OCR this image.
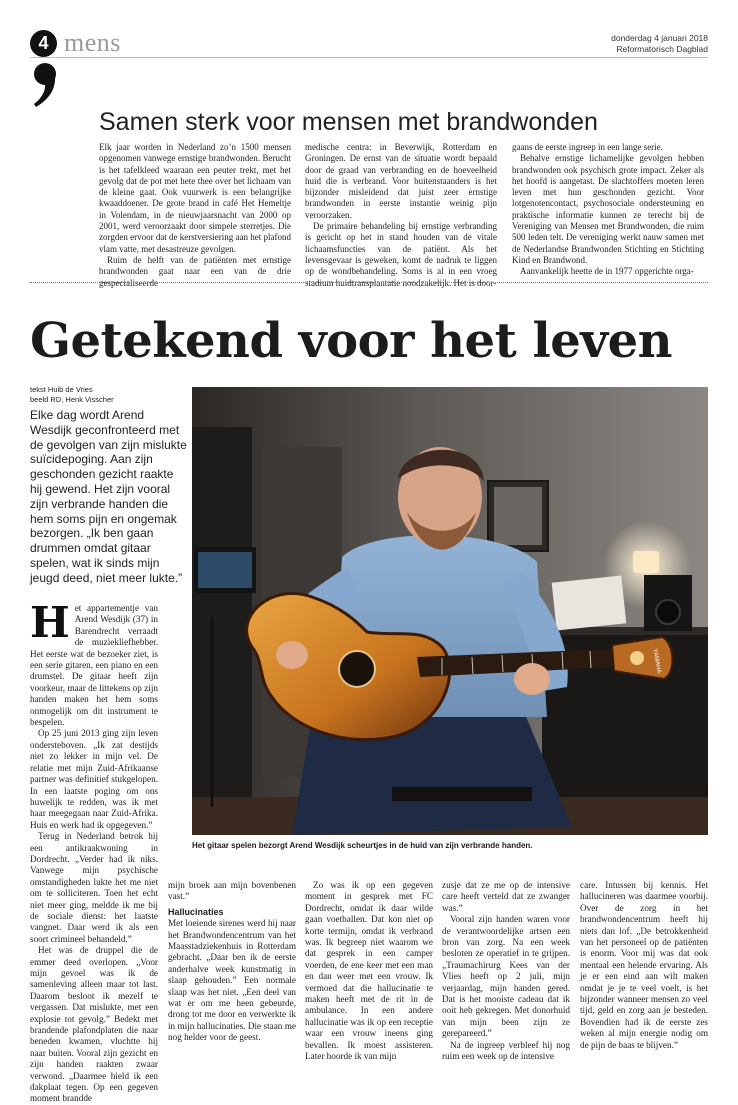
4 mens	donderdag 4 januari 2018
Reformatorisch Dagblad
Samen sterk voor mensen met brandwonden

Elk jaar worden in Nederland zo’n 1500 mensen opgenomen vanwege ernstige brandwonden. Berucht is het tafelkleed waaraan een peuter trekt, met het gevolg dat de pot met hete thee over het lichaam van de kleine gaat. Ook vuurwerk is een belangrijke kwaaddoener. De grote brand in café Het Hemeltje in Volendam, in de nieuwjaarsnacht van 2000 op 2001, werd veroorzaakt door simpele sterretjes. Die zorgden ervoor dat de kerstversiering aan het plafond vlam vatte, met desastreuze gevolgen.

Ruim de helft van de patiënten met ernstige brandwonden gaat naar een van de drie gespecialiseerde

medische centra: in Beverwijk, Rotterdam en Groningen. De ernst van de situatie wordt bepaald door de graad van verbranding en de hoeveelheid huid die is verbrand. Voor buitenstaanders is het bijzonder misleidend dat juist zeer ernstige brandwonden in eerste instantie weinig pijn veroorzaken.

De primaire behandeling bij ernstige verbranding is gericht op het in stand houden van de vitale lichaamsfuncties van de patiënt. Als het levensgevaar is geweken, komt de nadruk te liggen op de wondbehandeling. Soms is al in een vroeg stadium huidtransplantatie noodzakelijk. Het is door-

gaans de eerste ingreep in een lange serie.

Behalve ernstige lichamelijke gevolgen hebben brandwonden ook psychisch grote impact. Zeker als het hoofd is aangetast. De slachtoffers moeten leren leven met hun geschonden gezicht. Voor lotgenotencontact, psychosociale ondersteuning en praktische informatie kunnen ze terecht bij de Vereniging van Mensen met Brandwonden, die ruim 500 leden telt. De vereniging werkt nauw samen met de Nederlandse Brandwonden Stichting en Stichting Kind en Brandwond.

Aanvankelijk heette de in 1977 opgerichte orga-

Getekend voor het leven
tekst Huib de Vries
beeld RD, Henk Visscher
Elke dag wordt Arend Wesdijk geconfronteerd met de gevolgen van zijn mislukte suïcidepoging. Aan zijn geschonden gezicht raakte hij gewend. Het zijn vooral zijn verbrande handen die hem soms pijn en ongemak bezorgen. „Ik ben gaan drummen omdat gitaar spelen, wat ik sinds mijn jeugd deed, niet meer lukte.”
YAMAHA
Het gitaar spelen bezorgt Arend Wesdijk scheurtjes in de huid van zijn verbrande handen.

Het appartementje van Arend Wesdijk (37) in Barendrecht verraadt de muziekliefhebber. Het eerste wat de bezoeker ziet, is een serie gitaren, een piano en een drumstel. De gitaar heeft zijn voorkeur, maar de littekens op zijn handen maken het hem soms onmogelijk om dit instrument te bespelen.

Op 25 juni 2013 ging zijn leven ondersteboven. „Ik zat destijds niet zo lekker in mijn vel. De relatie met mijn Zuid-Afrikaanse partner was definitief stukgelopen. In een laatste poging om ons huwelijk te redden, was ik met haar meegegaan naar Zuid-Afrika. Huis en werk had ik opgegeven.”

Terug in Nederland betrok hij een antikraakwoning in Dordrecht. „Verder had ik niks. Vanwege mijn psychische omstandigheden lukte het me niet om te solliciteren. Toen het echt niet meer ging, meldde ik me bij de sociale dienst: het laatste vangnet. Daar werd ik als een soort crimineel behandeld.”

Het was de druppel die de emmer deed overlopen. „Voor mijn gevoel was ik de samenleving alleen maar tot last. Daarom besloot ik mezelf te vergassen. Dat mislukte, met een explosie tot gevolg.” Bedekt met brandende plafondplaten die naar beneden kwamen, vluchtte hij naar buiten. Vooral zijn gezicht en zijn handen raakten zwaar verwond. „Daarmee hield ik een dakplaat tegen. Op een gegeven moment brandde

mijn broek aan mijn bovenbenen vast.”

Hallucinaties

Met loeiende sirenes werd hij naar het Brandwondencentrum van het Maasstadziekenhuis in Rotterdam gebracht. „Daar ben ik de eerste anderhalve week kunstmatig in slaap gehouden.” Een normale slaap was het niet. „Een deel van wat er om me heen gebeurde, drong tot me door en verwerkte ik in mijn hallucinaties. Die staan me nog helder voor de geest.

Zo was ik op een gegeven moment in gesprek met FC Dordrecht, omdat ik daar wilde gaan voetballen. Dat kon niet op korte termijn, omdat ik verbrand was. Ik begreep niet waarom we dat gesprek in een camper voerden, de ene keer met een man en dan weer met een vrouw. Ik vermoed dat die hallucinatie te maken heeft met de rit in de ambulance. In een andere hallucinatie was ik op een receptie waar een vrouw ineens ging bevallen. Ik moest assisteren. Later hoorde ik van mijn

zusje dat ze me op de intensive care heeft verteld dat ze zwanger was.”

Vooral zijn handen waren voor de verantwoordelijke artsen een bron van zorg. Na een week besloten ze operatief in te grijpen. „Traumachirurg Kees van der Vlies heeft op 2 juli, mijn verjaardag, mijn handen gered. Dat is het mooiste cadeau dat ik ooit heb gekregen. Met donorhuid van mijn been zijn ze gerepareerd.”

Na de ingreep verbleef hij nog ruim een week op de intensive

care. Intussen bij kennis. Het hallucineren was daarmee voorbij. Over de zorg in het brandwondencentrum heeft hij niets dan lof. „De betrokkenheid van het personeel op de patiënten is enorm. Voor mij was dat ook mentaal een helende ervaring. Als je er een eind aan wilt maken omdat je je te veel voelt, is het bijzonder wanneer mensen zo veel tijd, geld en zorg aan je besteden. Bovendien had ik de eerste zes weken al mijn energie nodig om de pijn de baas te blijven.”
